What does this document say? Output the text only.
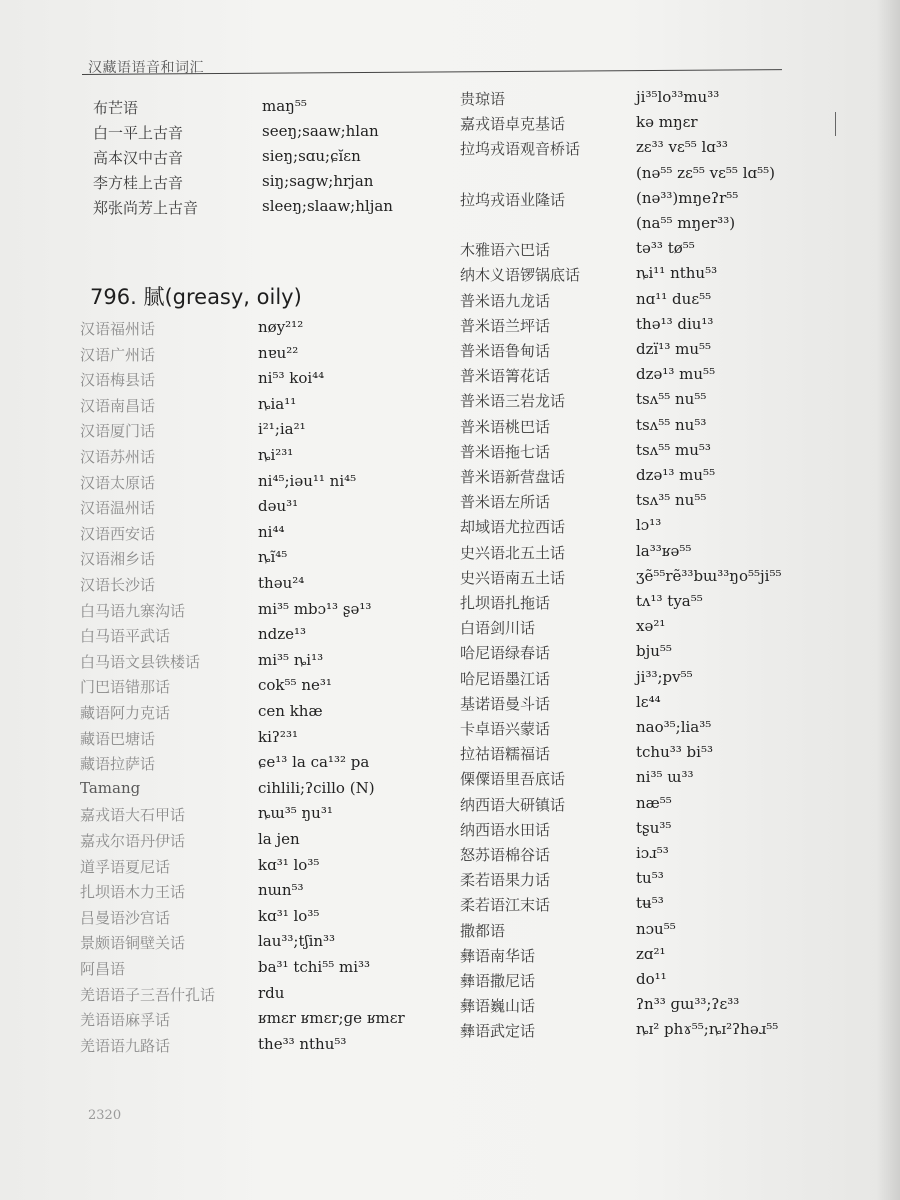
汉藏语语音和词汇
布芒语	maŋ⁵⁵
白一平上古音	seeŋ;saaw;hlan
高本汉中古音	sieŋ;sɑu;ɕĭɛn
李方桂上古音	siŋ;sagw;hrjan
郑张尚芳上古音	sleeŋ;slaaw;hljan
796. 腻(greasy, oily)
汉语福州话	nøy²¹²
汉语广州话	nɐu²²
汉语梅县话	ni⁵³ koi⁴⁴
汉语南昌话	ȵia¹¹
汉语厦门话	i²¹;ia²¹
汉语苏州话	ȵi²³¹
汉语太原话	ni⁴⁵;iəu¹¹ ni⁴⁵
汉语温州话	dəu³¹
汉语西安话	ni⁴⁴
汉语湘乡话	ȵĩ⁴⁵
汉语长沙话	thəu²⁴
白马语九寨沟话	mi³⁵ mbɔ¹³ ʂə¹³
白马语平武话	ndze¹³
白马语文县铁楼话	mi³⁵ ȵi¹³
门巴语错那话	cok⁵⁵ ne³¹
藏语阿力克话	cen khæ
藏语巴塘话	kiʔ²³¹
藏语拉萨话	ɕe¹³ la ca¹³² pa
Tamang	cihlili;ʔcillo (N)
嘉戎语大石甲话	ȵɯ³⁵ ŋu³¹
嘉戎尔语丹伊话	la jen
道孚语夏尼话	kɑ³¹ lo³⁵
扎坝语木力王话	nɯn⁵³
吕曼语沙宫话	kɑ³¹ lo³⁵
景颇语铜壁关话	lau³³;tʃin³³
阿昌语	ba³¹ tchi⁵⁵ mi³³
羌语语子三吾什孔话	rdu
羌语语麻孚话	ʁmɛr ʁmɛr;ɡe ʁmɛr
羌语语九路话	the³³ nthu⁵³
贵琼语	ji³⁵lo³³mu³³
嘉戎语卓克基话	kə mŋɛr
拉坞戎语观音桥话	zɛ³³ vɛ⁵⁵ lɑ³³
(nə⁵⁵ zɛ⁵⁵ vɛ⁵⁵ lɑ⁵⁵)
拉坞戎语业隆话	(nə³³)mŋeʔr⁵⁵
(na⁵⁵ mŋer³³)
木雅语六巴话	tə³³ tø⁵⁵
纳木义语锣锅底话	ȵi¹¹ nthu⁵³
普米语九龙话	nɑ¹¹ duɛ⁵⁵
普米语兰坪话	thə¹³ diu¹³
普米语鲁甸话	dzï¹³ mu⁵⁵
普米语箐花话	dzə¹³ mu⁵⁵
普米语三岩龙话	tsʌ⁵⁵ nu⁵⁵
普米语桃巴话	tsʌ⁵⁵ nu⁵³
普米语拖七话	tsʌ⁵⁵ mu⁵³
普米语新营盘话	dzə¹³ mu⁵⁵
普米语左所话	tsʌ³⁵ nu⁵⁵
却域语尤拉西话	lɔ¹³
史兴语北五土话	la³³ʁə⁵⁵
史兴语南五土话	ʒẽ⁵⁵rẽ³³bɯ³³ŋo⁵⁵ji⁵⁵
扎坝语扎拖话	tʌ¹³ tya⁵⁵
白语剑川话	xə²¹
哈尼语绿春话	bju⁵⁵
哈尼语墨江话	ji³³;pv⁵⁵
基诺语曼斗话	lɛ⁴⁴
卡卓语兴蒙话	nao³⁵;lia³⁵
拉祜语糯福话	tchu³³ bi⁵³
傈僳语里吾底话	ni³⁵ ɯ³³
纳西语大研镇话	næ⁵⁵
纳西语水田话	tʂu³⁵
怒苏语棉谷话	iɔɹ⁵³
柔若语果力话	tu⁵³
柔若语江末话	tʉ⁵³
撒都语	nɔu⁵⁵
彝语南华话	zɑ²¹
彝语撒尼话	do¹¹
彝语巍山话	ʔn³³ ɡɯ³³;ʔɛ³³
彝语武定话	ȵɪ² phɤ⁵⁵;ȵɪ²ʔhəɹ⁵⁵
2320
